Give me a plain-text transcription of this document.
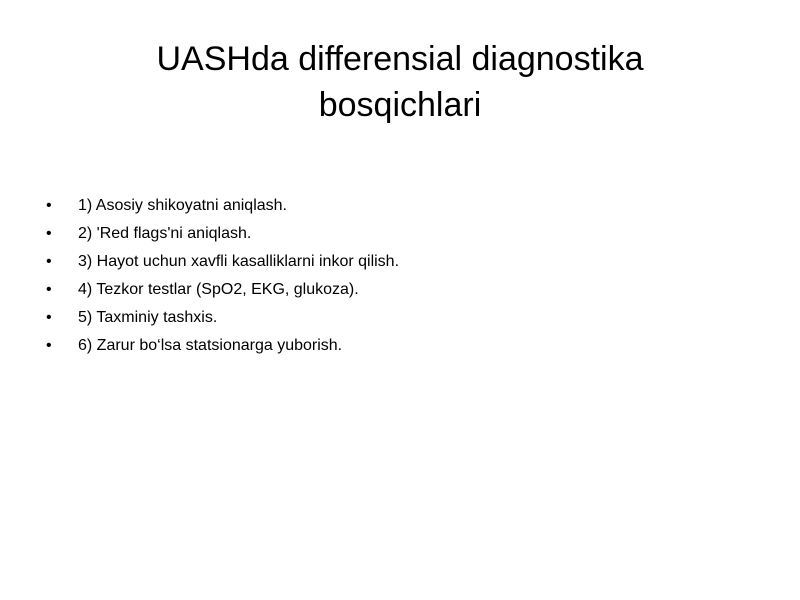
UASHda differensial diagnostika
bosqichlari
•	1) Asosiy shikoyatni aniqlash.
•	2) 'Red flags'ni aniqlash.
•	3) Hayot uchun xavfli kasalliklarni inkor qilish.
•	4) Tezkor testlar (SpO2, EKG, glukoza).
•	5) Taxminiy tashxis.
•	6) Zarur bo‘lsa statsionarga yuborish.
